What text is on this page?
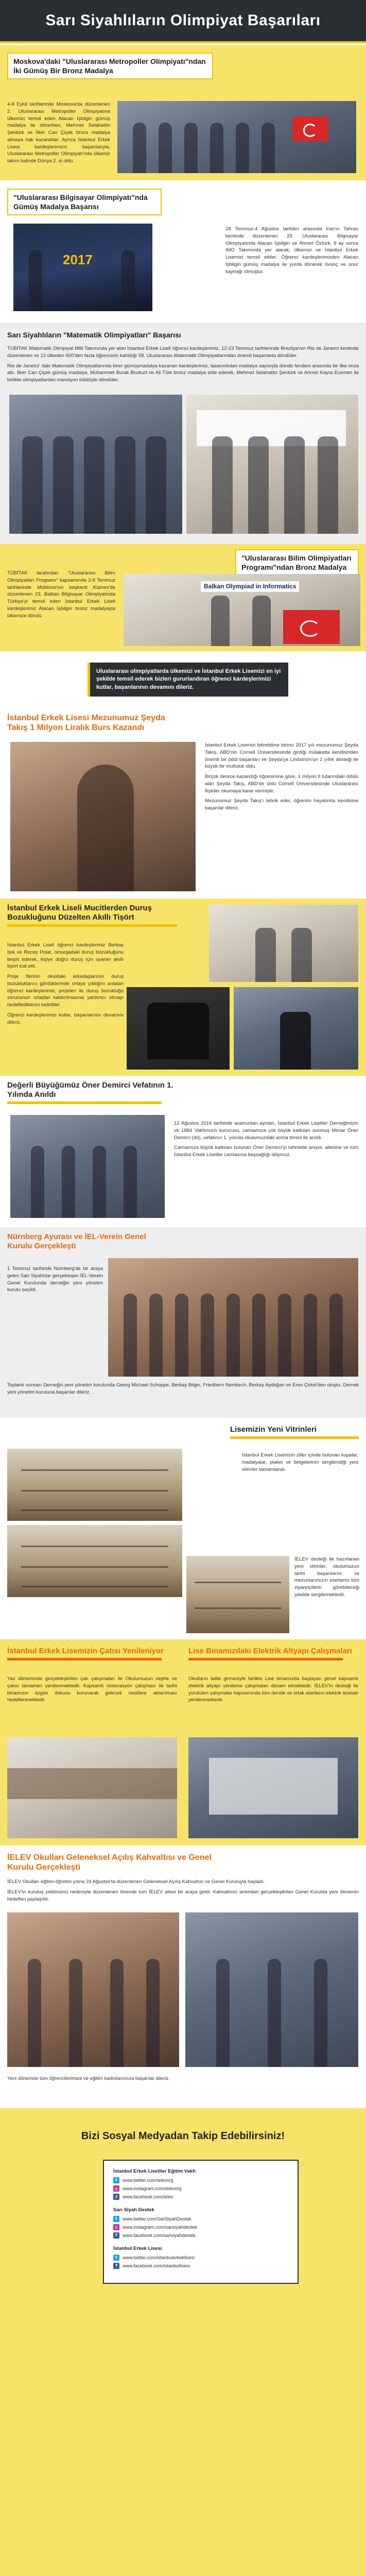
Sarı Siyahlıların Olimpiyat Başarıları
Moskova'daki "Uluslararası Metropoller Olimpiyatı"ndan İki Gümüş Bir Bronz Madalya

4-8 Eylül tarihlerinde Moskova'da düzenlenen 2. Uluslararası Metropoller Olimpiyatına ülkemizi temsil eden Alacan İşbilgin gümüş madalya ile dönerken, Mehmet Selahattin Şentürk ve İlker Can Çiçek bronz madalya almaya hak kazandılar. Ayrıca İstanbul Erkek Lisesi kardeşlerimizin başarılarıyla, Uluslararası Metropoller Olimpiyatı'nda ülkemiz takım halinde Dünya 2. si oldu.

"Uluslararası Bilgisayar Olimpiyatı"nda Gümüş Madalya Başarısı
2017

28 Temmuz-4 Ağustos tarihleri arasında İran'ın Tahran kentinde düzenlenen 29. Uluslararası Bilgisayar Olimpiyatında Alacan İşbilgin ve Ahmet Öztürk, 9 ay sonra IMO Takımında yer alarak, ülkemizi ve İstanbul Erkek Lisemizi temsil ettiler. Öğrenci kardeşlerimizden Alacan İşbilgin gümüş madalya ile yurda dönerek övünç ve onur kaynağı olmuştur.

Sarı Siyahlıların "Matematik Olimpiyatları" Başarısı

TÜBİTAK Matematik Olimpiyat Milli Takımında yer alan İstanbul Erkek Liseli öğrenci kardeşlerimiz, 12-23 Temmuz tarihlerinde Brezilya'nın Rio de Janeiro kentinde düzenlenen ve 13 ülkeden 600'den fazla öğrencinin katıldığı 58. Uluslararası Matematik Olimpiyatlarından önemli başarılarla döndüler.

Rio de Janeiro' daki Matematik Olimpiyatlarında birer gümüşmadalya kazanan kardeşlerimiz, tasarımlıdan madalya sayısıyla dünde fendeni arasında bir ilke imza attı. İlker Can Çiçek gümüş madalya, Muhammet Burak Bozkurt ve Ali Türk bronz madalya elde ederek, Mehmet Selahattin Şentürk ve Ahmet Kayra Ecemen ile birlikte olimpiyatlardan mansiyon ödülüyle döndüler.

"Uluslararası Bilim Olimpiyatları Programı"ndan Bronz Madalya

TÜBİTAK tarafından "Uluslararası Bilim Olimpiyatları Programı" kapsamında 2-8 Temmuz tarihlerinde Moldova'nın başkenti Kişinev'de düzenlenen 23. Balkan Bilgisayar Olimpiyatında Türkiye'yi temsil eden İstanbul Erkek Liseli kardeşlerimiz Alacan İşbilgin bronz madalyayla ülkemize döndü.

Balkan Olympiad in Informatics

Uluslararası olimpiyatlarda ülkemizi ve İstanbul Erkek Lisemizi en iyi şekilde temsil ederek bizleri gururlandıran öğrenci kardeşlerimizi kutlar, başarılarının devamını dileriz.

İstanbul Erkek Lisesi Mezunumuz Şeyda Takış 1 Milyon Liralık Burs Kazandı

İstanbul Erkek Lisemizi bitirebilme birinci 2017 yılı mezunumuz Şeyda Takış, ABD'nin Cornell Üniversitesinde girdiği mülakatta kendisinden önemli bir ödül başarıları ve Şeyda'ya Lindstrom'un 2 yıllık desteği ile büyük bir mutluluk oldu.

Birçok derece kazandığı öğrenimine göre, 1 milyon tl tutarındaki ödülü alan Şeyda Takış, ABD'de ünlü Cornell Üniversitesinde Uluslararası İlişkiler okumaya karar vermiştir.

Mezunumuz Şeyda Takış'ı tebrik eder, öğrenim hayatında kendisine başarılar dileriz.

İstanbul Erkek Liseli Mucitlerden Duruş Bozukluğunu Düzelten Akıllı Tişört

İstanbul Erkek Liseli öğrenci kardeşlerimiz Berkay Işık ve Recep Polat, omurgadaki duruş bozukluğunu tespit ederek, kişiye doğru duruş için uyaran akıllı tişört icat etti.

Proje fikrinin okuldaki arkadaşlarının duruş bozukluklarını gördüklerinde ortaya çıktığını anlatan öğrenci kardeşlerimiz, projeleri ile duruş bozukluğu sorununun ortadan kaldırılmasına yardımcı olmayı hedeflediklerini belirttiler.

Öğrenci kardeşlerimizi kutlar, başarılarının devamını dileriz.

Değerli Büyüğümüz Öner Demirci Vefatının 1. Yılında Anıldı

12 Ağustos 2016 tarihinde aramızdan ayrılan, İstanbul Erkek Liseliler Derneğimizin ve 1884 Vakfımızın kurucusu, camiamıza çok büyük katkıları sunmuş Mimar Öner Demirci (46), vefatının 1. yılında okulumuzdaki anma töreni ile anıldı.

Camiamıza büyük katkıları bulunan Öner Demirci'yi rahmetle anıyor, ailesine ve tüm İstanbul Erkek Liseliler camiasına başsağlığı diliyoruz.

Nürnberg Ayurası ve İEL-Verein Genel Kurulu Gerçekleşti

1 Temmuz tarihinde Nürnberg'de bir araya gelen Sarı Siyahlılar gerçekleşen İEL-Verein Genel Kurulunda derneğin yeni yönetim kurulu seçildi.

Toplantı sonrası Derneğin yeni yönetim kurulunda Georg Michael Schoppe, Berkay Bilgin, Friedbern Nemkech, Berkay Aydoğan ve Eren Çirkel'den oluştu. Dernek yeni yönetim kuruluna başarılar dileriz.

Lisemizin Yeni Vitrinleri

İstanbul Erkek Lisemizin ziller içinde bulunan kupalar, madalyalar, plaket ve belgelerinin sergilendiği yeni vitrinler tamamlandı.

İELEV desteği ile hazırlanan yeni vitrinler, okulumuzun tarihi başarılarını ve mezunlarımızın eserlerini tüm ziyaretçilerin görebileceği şekilde sergilemektedir.

İstanbul Erkek Lisemizin Çatısı Yenileniyor

Yaz döneminde gerçekleştirilen çatı çalışmaları ile Okulumuzun cephe ve çatısı tamamen yenilenmektedir. Kapsamlı restorasyon çalışması ile tarihi binamızın özgün dokusu korunarak gelecek nesillere aktarılması hedeflenmektedir.

Lise Binamızdaki Elektrik Altyapı Çalışmaları

Okulların tatile girmesiyle birlikte Lise binamızda başlayan genel kapsamlı elektrik altyapı yenileme çalışmaları devam etmektedir. İELEV'in desteği ile yürütülen çalışmalar kapsamında tüm derslik ve ortak alanların elektrik tesisatı yenilenmektedir.

İELEV Okulları Geleneksel Açılış Kahvaltısı ve Genel Kurulu Gerçekleşti

İELEV Okulları eğitim-öğretim yılına 24 Ağustos'ta düzenlenen Geleneksel Açılış Kahvaltısı ve Genel Kuruluyla başladı.

İELEV'in kuruluş yıldönümü nedeniyle düzenlenen törende tüm İELEV ailesi bir araya geldi. Kahvaltının ardından gerçekleştirilen Genel Kurulda yeni dönemin hedefleri paylaşıldı.

Yeni dönemde tüm öğrencilerimize ve eğitim kadrolarımıza başarılar dileriz.

Bizi Sosyal Medyadan Takip Edebilirsiniz!
İstanbul Erkek Liseliler Eğitim Vakfı
t	www.twitter.com/ielevorg
◎ www.instagram.com/ielevorg
f	www.facebook.com/ielev
Sarı Siyah Destek
t	www.twitter.com/SariSiyahDestek
◎ www.instagram.com/sarisiyahdestek
f	www.facebook.com/sarisiyahdestek
İstanbul Erkek Lisesi
t	www.twitter.com/istanbulerkeklisesi
f	www.facebook.com/istanbullisesi
